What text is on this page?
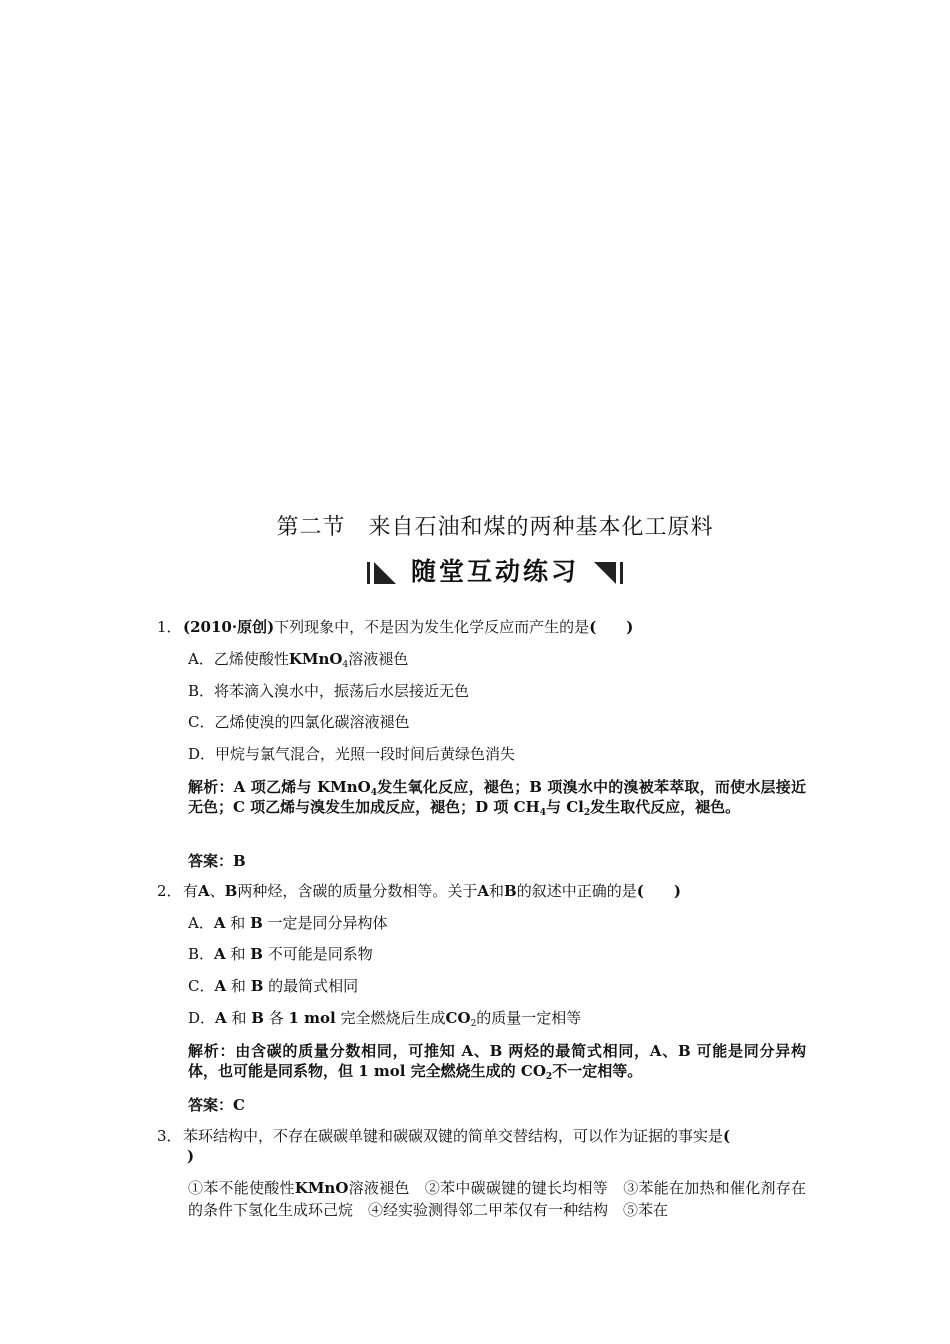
第二节　来自石油和煤的两种基本化工原料
随堂互动练习
1．(2010·原创)下列现象中，不是因为发生化学反应而产生的是(　　)
A．乙烯使酸性KMnO$_4$溶液褪色
B．将苯滴入溴水中，振荡后水层接近无色
C．乙烯使溴的四氯化碳溶液褪色
D．甲烷与氯气混合，光照一段时间后黄绿色消失
解析：A 项乙烯与 KMnO$_4$发生氧化反应，褪色；B 项溴水中的溴被苯萃取，而使水层接近无色；C 项乙烯与溴发生加成反应，褪色；D 项 $CH_4$与 $Cl_2$发生取代反应，褪色。
答案：B
2．有A、B两种烃，含碳的质量分数相等。关于A和B的叙述中正确的是(　　)
A．A 和 B 一定是同分异构体
B．A 和 B 不可能是同系物
C．A 和 B 的最简式相同
D．A 和 B 各 1 mol 完全燃烧后生成$CO_2$的质量一定相等
解析：由含碳的质量分数相同，可推知 A、B 两烃的最简式相同，A、B 可能是同分异构体，也可能是同系物，但 1 mol 完全燃烧生成的 $CO_2$不一定相等。
答案：C
3．苯环结构中，不存在碳碳单键和碳碳双键的简单交替结构，可以作为证据的事实是(
)
①苯不能使酸性KMnO溶液褪色　②苯中碳碳键的键长均相等　③苯能在加热和催化剂存在的条件下氢化生成环己烷　④经实验测得邻二甲苯仅有一种结构　⑤苯在
